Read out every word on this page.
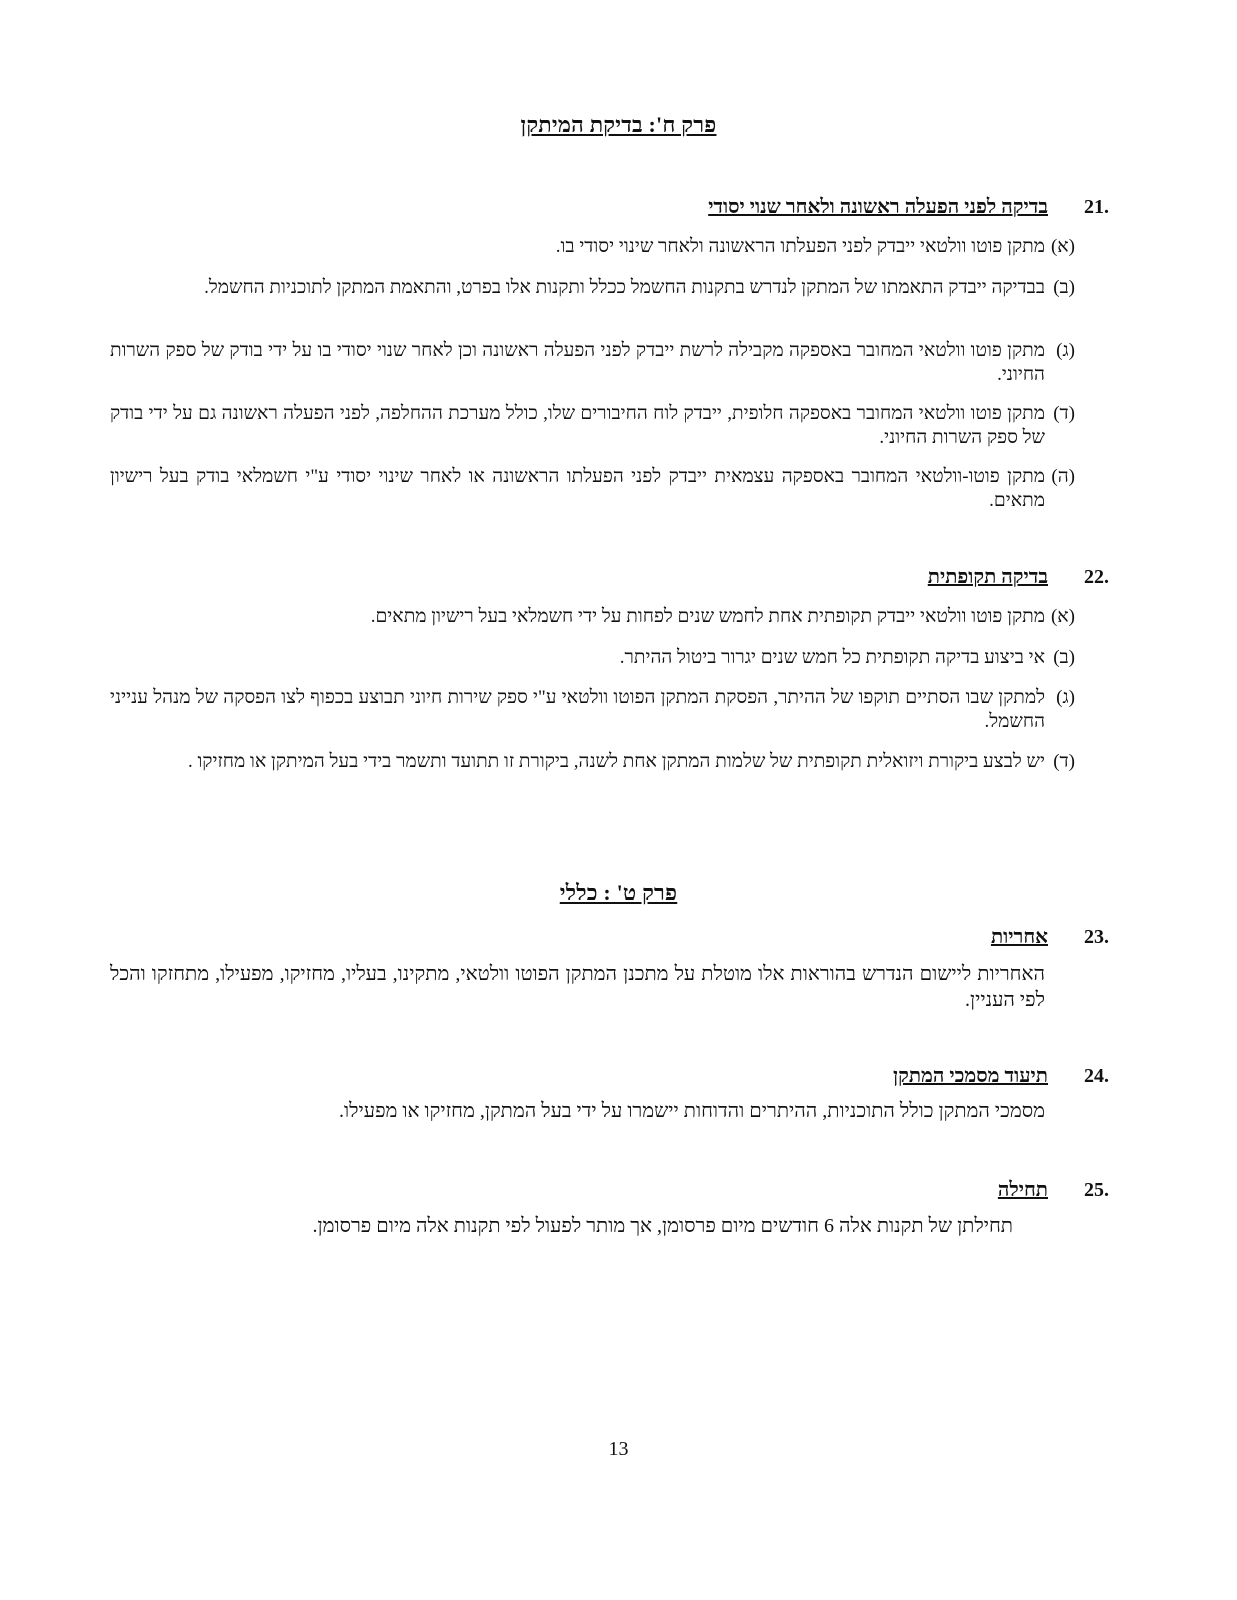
פרק ח': בדיקת המיתקן
.21 בדיקה לפני הפעלה ראשונה ולאחר שנוי יסודי
(א)
מתקן פוטו וולטאי ייבדק לפני הפעלתו הראשונה ולאחר שינוי יסודי בו.
(ב)
בבדיקה ייבדק התאמתו של המתקן לנדרש בתקנות החשמל ככלל ותקנות אלו בפרט, והתאמת המתקן לתוכניות החשמל.
(ג)
מתקן פוטו וולטאי המחובר באספקה מקבילה לרשת ייבדק לפני הפעלה ראשונה וכן לאחר שנוי יסודי בו על ידי בודק של ספק השרות החיוני.
(ד)
מתקן פוטו וולטאי המחובר באספקה חלופית, ייבדק לוח החיבורים שלו, כולל מערכת ההחלפה, לפני הפעלה ראשונה גם על ידי בודק של ספק השרות החיוני.
(ה)
מתקן פוטו-וולטאי המחובר באספקה עצמאית ייבדק לפני הפעלתו הראשונה או לאחר שינוי יסודי ע"י חשמלאי בודק בעל רישיון מתאים.
.22 בדיקה תקופתית
(א)
מתקן פוטו וולטאי ייבדק תקופתית אחת לחמש שנים לפחות על ידי חשמלאי בעל רישיון מתאים.
(ב)
אי ביצוע בדיקה תקופתית כל חמש שנים יגרור ביטול ההיתר.
(ג)
למתקן שבו הסתיים תוקפו של ההיתר, הפסקת המתקן הפוטו וולטאי ע"י ספק שירות חיוני תבוצע בכפוף לצו הפסקה של מנהל ענייני החשמל.
(ד)
יש לבצע ביקורת ויזואלית תקופתית של שלמות המתקן אחת לשנה, ביקורת זו תתועד ותשמר בידי בעל המיתקן או מחזיקו .
פרק ט' : כללי
.23 אחריות
האחריות ליישום הנדרש בהוראות אלו מוטלת על מתכנן המתקן הפוטו וולטאי, מתקינו, בעליו, מחזיקו, מפעילו, מתחזקו והכל לפי העניין.
.24 תיעוד מסמכי המתקן
מסמכי המתקן כולל התוכניות, ההיתרים והדוחות יישמרו על ידי בעל המתקן, מחזיקו או מפעילו.
.25 תחילה
תחילתן של תקנות אלה 6 חודשים מיום פרסומן, אך מותר לפעול לפי תקנות אלה מיום פרסומן.
13
